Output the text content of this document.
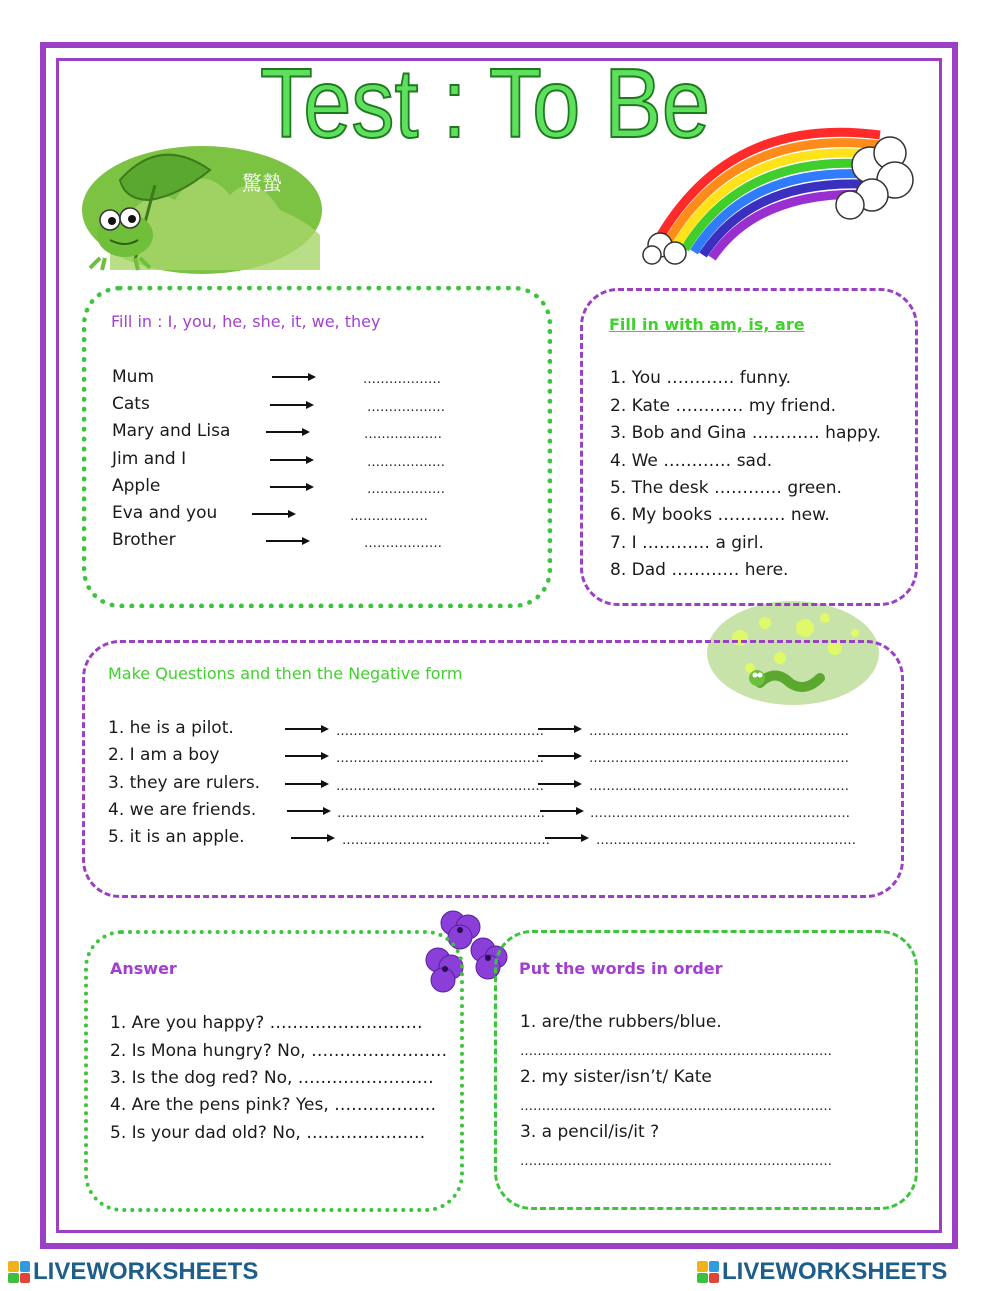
Test : To Be
驚蟄
Fill in : I, you, he, she, it, we, they
Mum	………………
Cats	………………
Mary and Lisa	………………
Jim and I	………………
Apple	………………
Eva and you	………………
Brother	………………
Fill in with am, is, are
1. You ………… funny.
2. Kate ………… my friend.
3. Bob and Gina ………… happy.
4. We ………… sad.
5. The desk ………… green.
6. My books ………… new.
7. I ………… a girl.
8. Dad ………… here.
Make Questions and then the Negative form
1. he is a pilot.	…………………………………………	……………………………………………………
2. I am a boy	…………………………………………	……………………………………………………
3. they are rulers.	…………………………………………	……………………………………………………
4. we are friends.	…………………………………………	……………………………………………………
5. it is an apple.	…………………………………………	……………………………………………………
Answer
1. Are you happy? ………………………
2. Is Mona hungry? No, ……………………
3. Is the dog red? No, ……………………
4. Are the pens pink? Yes, ………………
5. Is your dad old? No, …………………
Put the words in order
1. are/the rubbers/blue.
………………………………………………………………
2. my sister/isn’t/ Kate
………………………………………………………………
3. a pencil/is/it ?
………………………………………………………………
LIVEWORKSHEETS	LIVEWORKSHEETS
